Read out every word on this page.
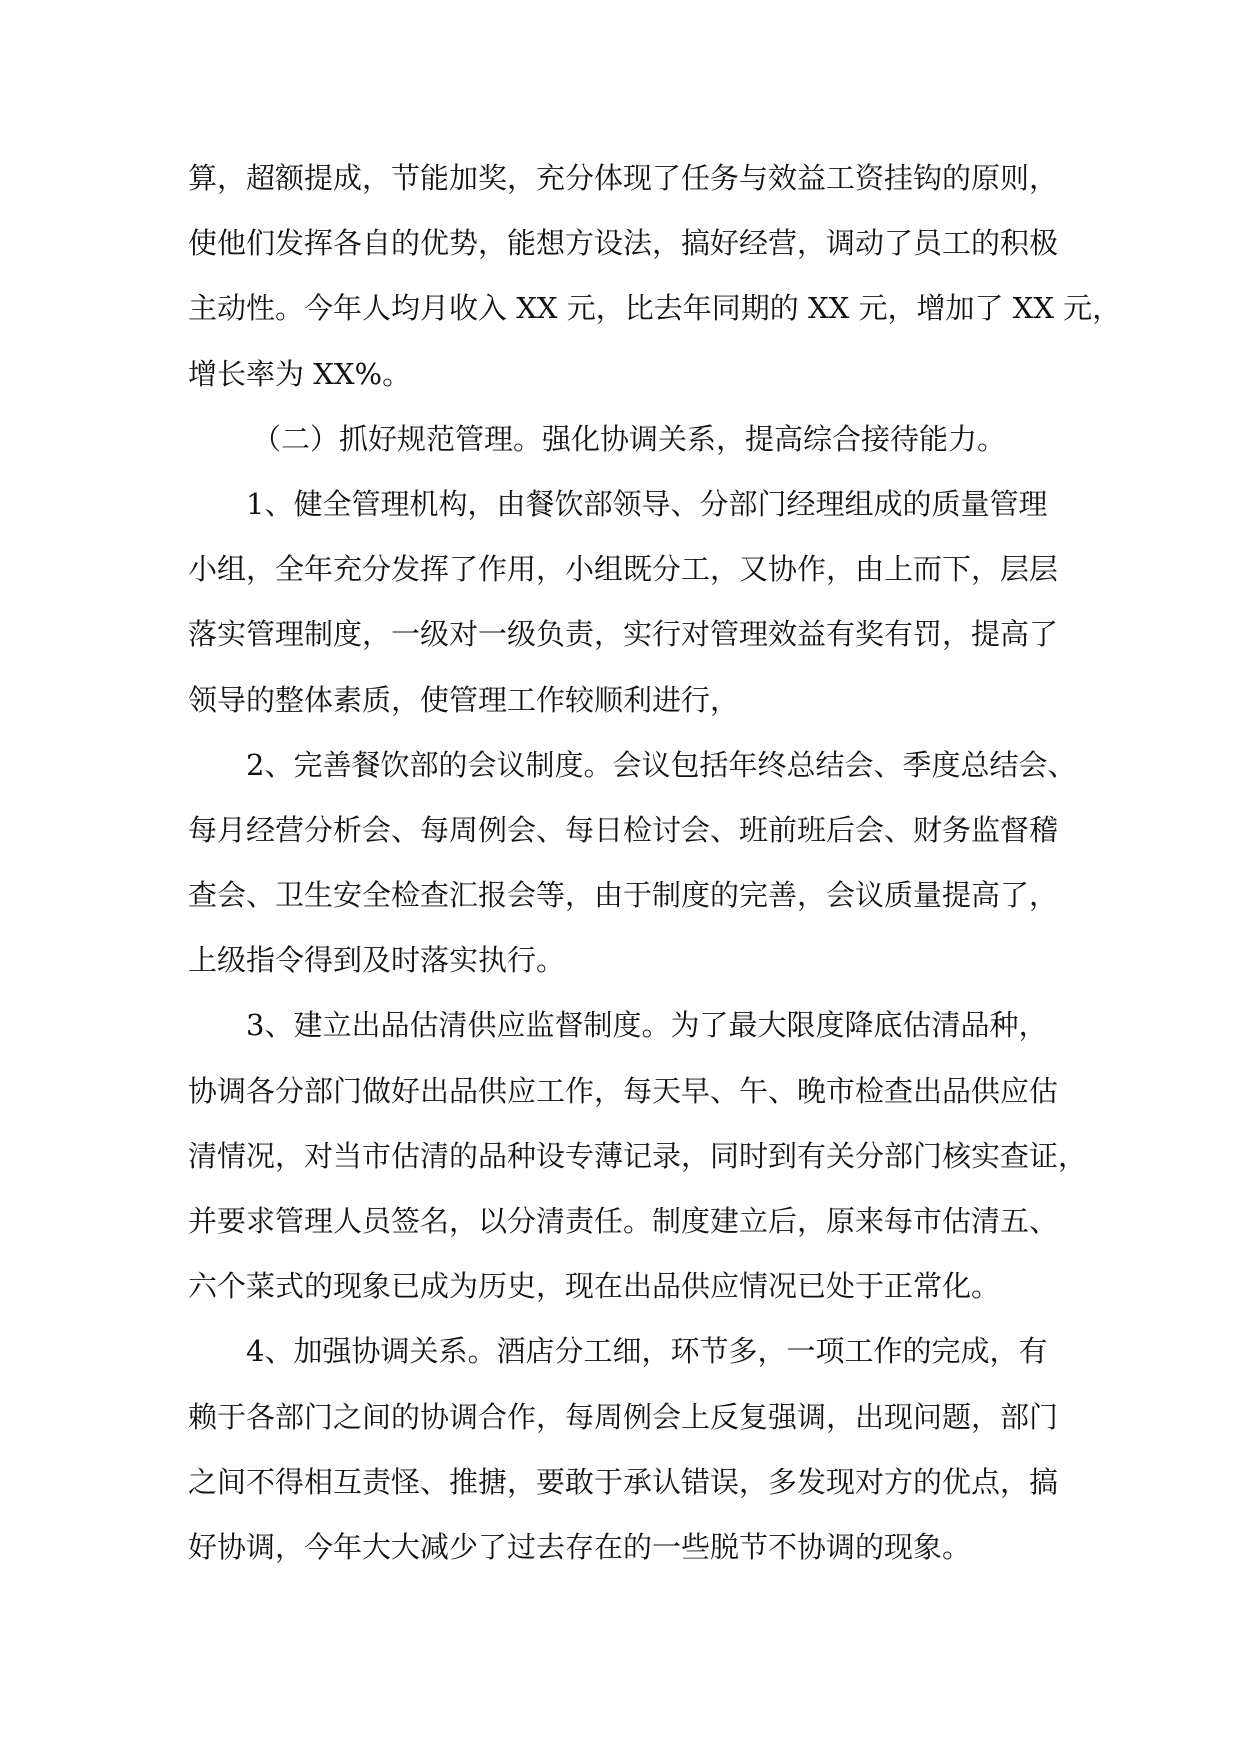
算，超额提成，节能加奖，充分体现了任务与效益工资挂钩的原则，
使他们发挥各自的优势，能想方设法，搞好经营，调动了员工的积极
主动性。今年人均月收入 XX 元，比去年同期的 XX 元，增加了 XX 元，
增长率为 XX%。
（二）抓好规范管理。强化协调关系，提高综合接待能力。
1、健全管理机构，由餐饮部领导、分部门经理组成的质量管理
小组，全年充分发挥了作用，小组既分工，又协作，由上而下，层层
落实管理制度，一级对一级负责，实行对管理效益有奖有罚，提高了
领导的整体素质，使管理工作较顺利进行，
2、完善餐饮部的会议制度。会议包括年终总结会、季度总结会、
每月经营分析会、每周例会、每日检讨会、班前班后会、财务监督稽
查会、卫生安全检查汇报会等，由于制度的完善，会议质量提高了，
上级指令得到及时落实执行。
3、建立出品估清供应监督制度。为了最大限度降底估清品种，
协调各分部门做好出品供应工作，每天早、午、晚市检查出品供应估
清情况，对当市估清的品种设专薄记录，同时到有关分部门核实查证，
并要求管理人员签名，以分清责任。制度建立后，原来每市估清五、
六个菜式的现象已成为历史，现在出品供应情况已处于正常化。
4、加强协调关系。酒店分工细，环节多，一项工作的完成，有
赖于各部门之间的协调合作，每周例会上反复强调，出现问题，部门
之间不得相互责怪、推搪，要敢于承认错误，多发现对方的优点，搞
好协调，今年大大减少了过去存在的一些脱节不协调的现象。
